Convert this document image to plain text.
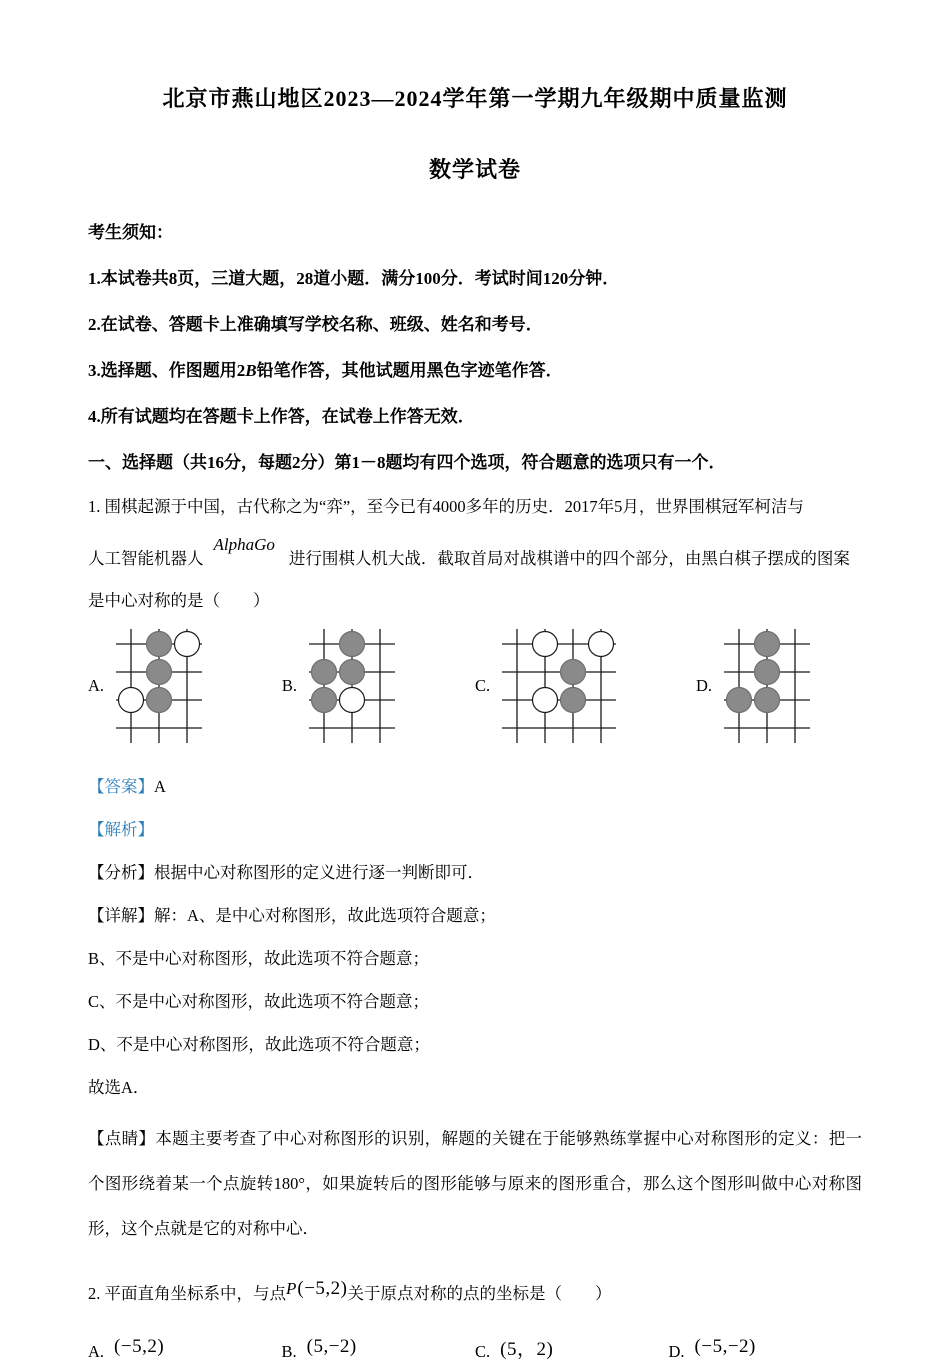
北京市燕山地区2023—2024学年第一学期九年级期中质量监测
数学试卷

考生须知：

1.本试卷共8页，三道大题，28道小题．满分100分．考试时间120分钟．

2.在试卷、答题卡上准确填写学校名称、班级、姓名和考号．

3.选择题、作图题用2B铅笔作答，其他试题用黑色字迹笔作答．

4.所有试题均在答题卡上作答，在试卷上作答无效．

一、选择题（共16分，每题2分）第1－8题均有四个选项，符合题意的选项只有一个．

1. 围棋起源于中国，古代称之为“弈”，至今已有4000多年的历史．2017年5月，世界围棋冠军柯洁与

人工智能机器人AlphaGo进行围棋人机大战．截取首局对战棋谱中的四个部分，由黑白棋子摆成的图案

是中心对称的是（　　）

A.	B.	C.	D.

【答案】A

【解析】

【分析】根据中心对称图形的定义进行逐一判断即可．

【详解】解：A、是中心对称图形，故此选项符合题意；

B、不是中心对称图形，故此选项不符合题意；

C、不是中心对称图形，故此选项不符合题意；

D、不是中心对称图形，故此选项不符合题意；

故选A．

【点睛】本题主要考查了中心对称图形的识别，解题的关键在于能够熟练掌握中心对称图形的定义：把一个图形绕着某一个点旋转180°，如果旋转后的图形能够与原来的图形重合，那么这个图形叫做中心对称图形，这个点就是它的对称中心．

2. 平面直角坐标系中，与点P(−5,2)关于原点对称的点的坐标是（　　）

A. (−5,2)	B. (5,−2)	C. (5，2)	D. (−5,−2)
